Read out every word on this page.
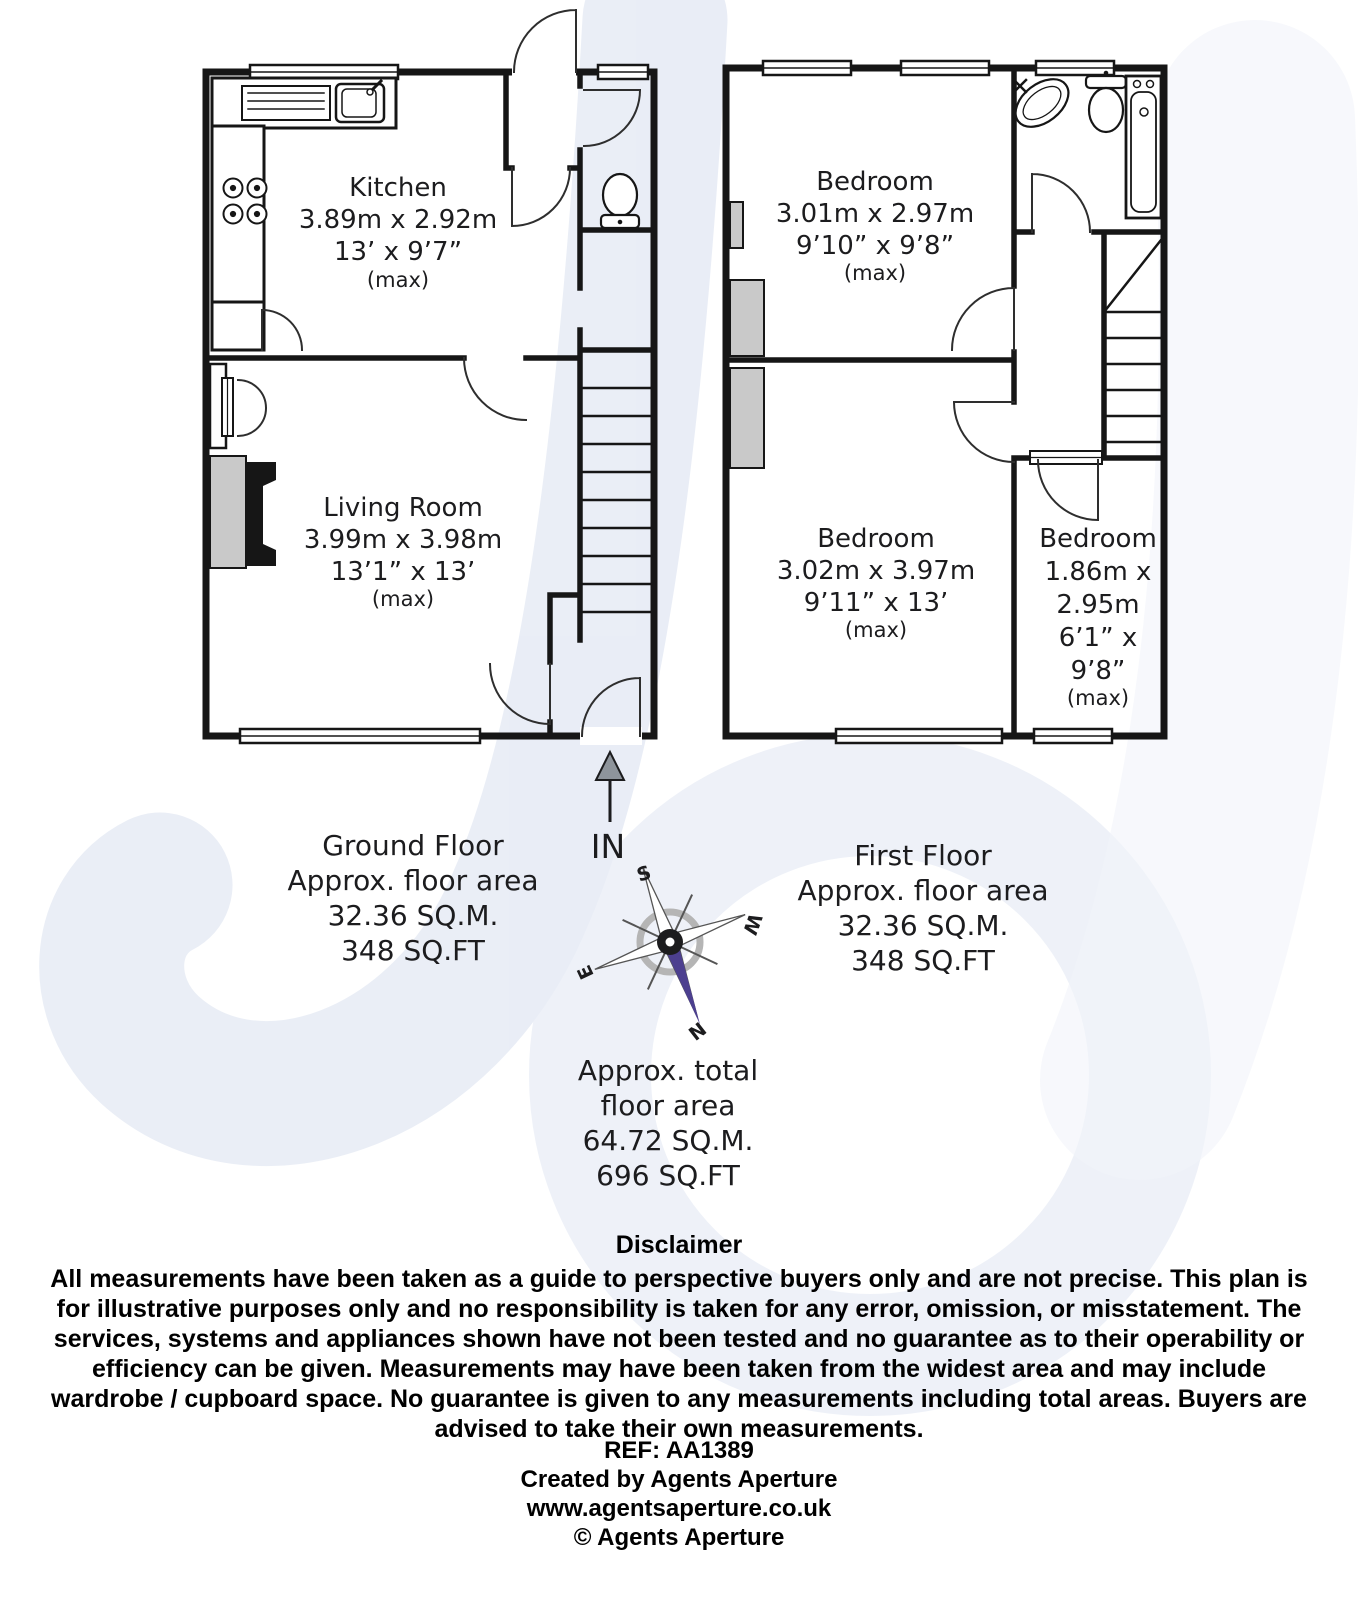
Kitchen
3.89m x 2.92m
13’ x 9’7”
(max)
Living Room
3.99m x 3.98m
13’1” x 13’
(max)
Bedroom
3.01m x 2.97m
9’10” x 9’8”
(max)
Bedroom
3.02m x 3.97m
9’11” x 13’
(max)
Bedroom
1.86m x
2.95m
6’1” x
9’8”
(max)
IN
S
W
E
N
Ground Floor
Approx. floor area
32.36 SQ.M.
348 SQ.FT
First Floor
Approx. floor area
32.36 SQ.M.
348 SQ.FT
Approx. total
floor area
64.72 SQ.M.
696 SQ.FT
Disclaimer
All measurements have been taken as a guide to perspective buyers only and are not precise. This plan is
for illustrative purposes only and no responsibility is taken for any error, omission, or misstatement. The
services, systems and appliances shown have not been tested and no guarantee as to their operability or
efficiency can be given. Measurements may have been taken from the widest area and may include
wardrobe / cupboard space. No guarantee is given to any measurements including total areas. Buyers are
advised to take their own measurements.
REF: AA1389
Created by Agents Aperture
www.agentsaperture.co.uk
© Agents Aperture
